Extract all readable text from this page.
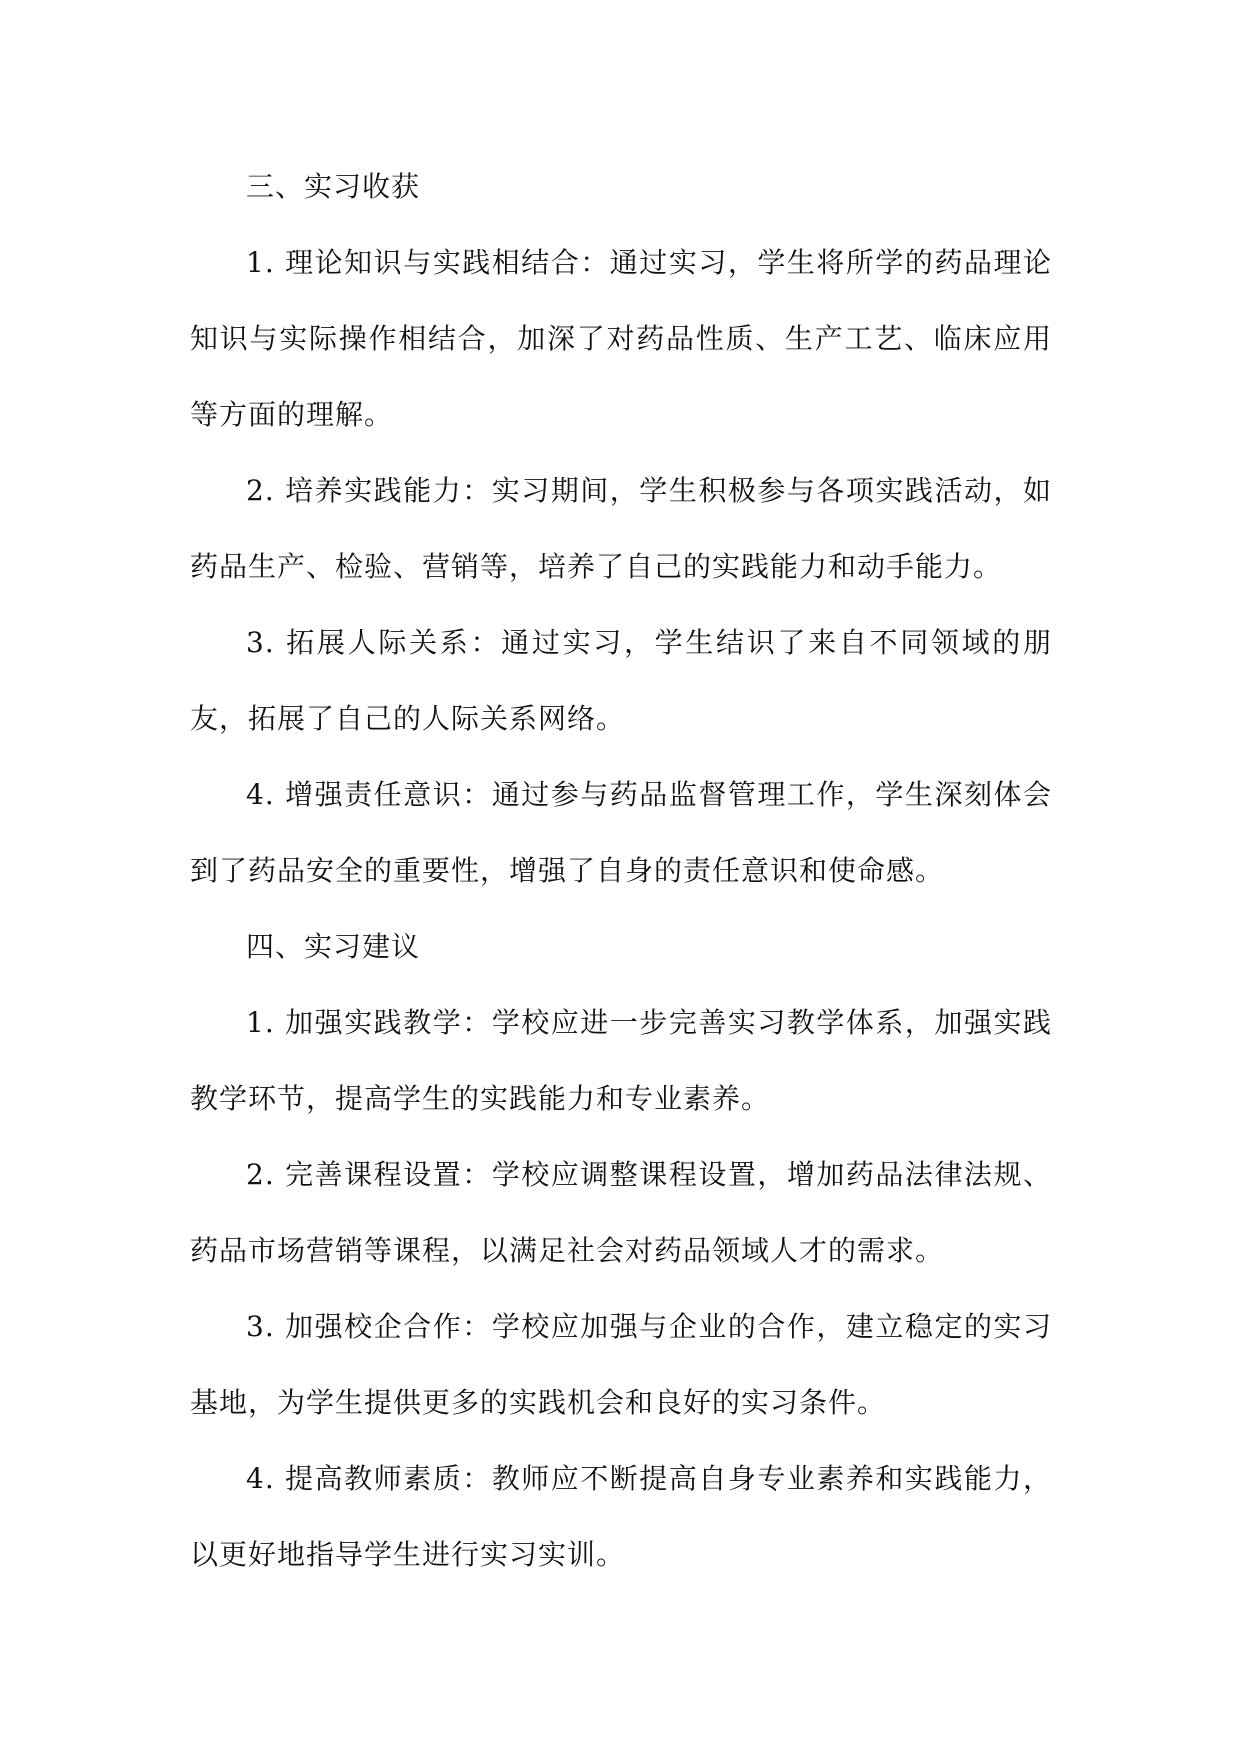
三、实习收获

1. 理论知识与实践相结合：通过实习，学生将所学的药品理论知识与实际操作相结合，加深了对药品性质、生产工艺、临床应用等方面的理解。

2. 培养实践能力：实习期间，学生积极参与各项实践活动，如药品生产、检验、营销等，培养了自己的实践能力和动手能力。

3. 拓展人际关系：通过实习，学生结识了来自不同领域的朋友，拓展了自己的人际关系网络。

4. 增强责任意识：通过参与药品监督管理工作，学生深刻体会到了药品安全的重要性，增强了自身的责任意识和使命感。

四、实习建议

1. 加强实践教学：学校应进一步完善实习教学体系，加强实践教学环节，提高学生的实践能力和专业素养。

2. 完善课程设置：学校应调整课程设置，增加药品法律法规、药品市场营销等课程，以满足社会对药品领域人才的需求。

3. 加强校企合作：学校应加强与企业的合作，建立稳定的实习基地，为学生提供更多的实践机会和良好的实习条件。

4. 提高教师素质：教师应不断提高自身专业素养和实践能力，以更好地指导学生进行实习实训。
